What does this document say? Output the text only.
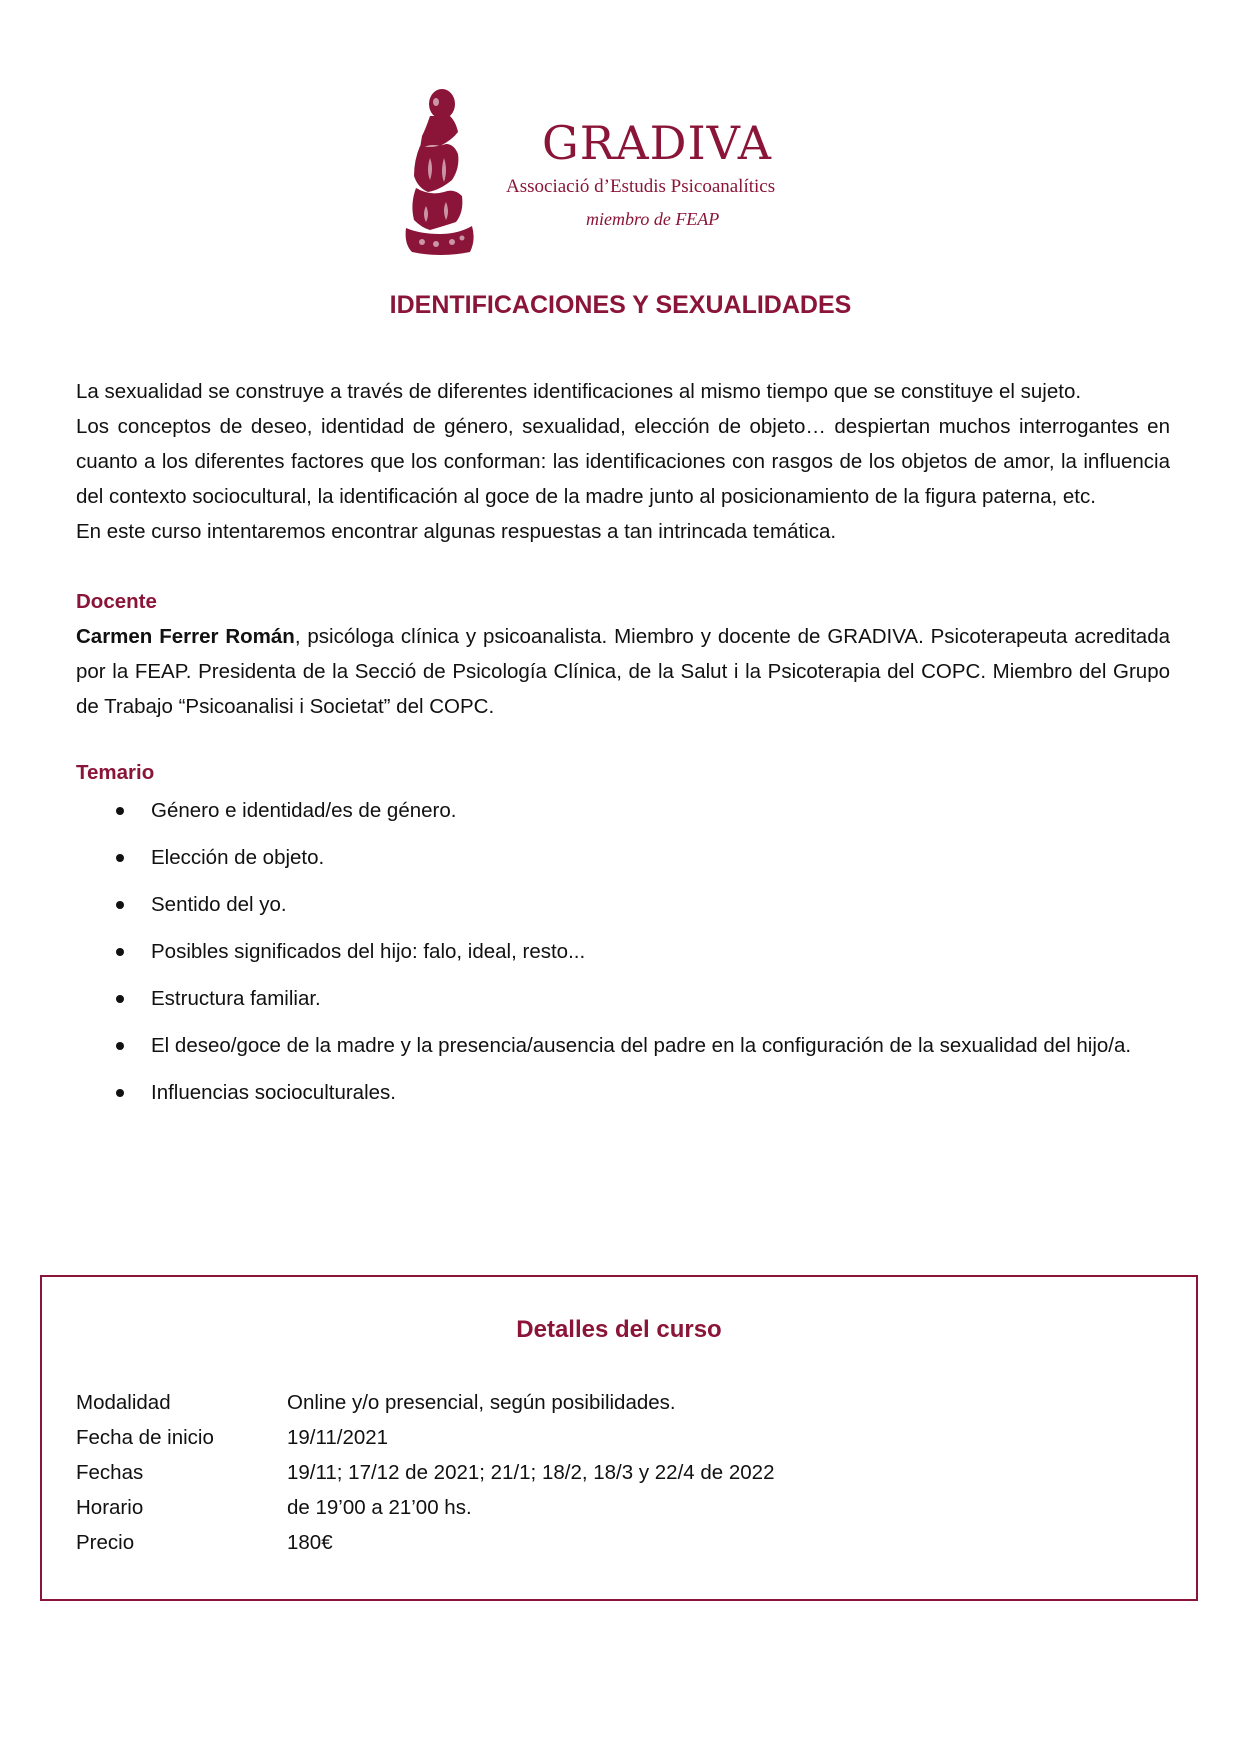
GRADIVA
Associació d’Estudis Psicoanalítics
miembro de FEAP
IDENTIFICACIONES Y SEXUALIDADES

La sexualidad se construye a través de diferentes identificaciones al mismo tiempo que se constituye el sujeto.

Los conceptos de deseo, identidad de género, sexualidad, elección de objeto… despiertan muchos interrogantes en cuanto a los diferentes factores que los conforman: las identificaciones con rasgos de los objetos de amor, la influencia del contexto sociocultural, la identificación al goce de la madre junto al posicionamiento de la figura paterna, etc.

En este curso intentaremos encontrar algunas respuestas a tan intrincada temática.

Docente

Carmen Ferrer Román, psicóloga clínica y psicoanalista. Miembro y docente de GRADIVA. Psicoterapeuta acreditada por la FEAP. Presidenta de la Secció de Psicología Clínica, de la Salut i la Psicoterapia del COPC. Miembro del Grupo de Trabajo “Psicoanalisi i Societat” del COPC.

Temario

Género e identidad/es de género.
Elección de objeto.
Sentido del yo.
Posibles significados del hijo: falo, ideal, resto...
Estructura familiar.
El deseo/goce de la madre y la presencia/ausencia del padre en la configuración de la sexualidad del hijo/a.
Influencias socioculturales.
Detalles del curso
Modalidad	Online y/o presencial, según posibilidades.
Fecha de inicio	19/11/2021
Fechas	19/11; 17/12 de 2021; 21/1; 18/2, 18/3 y 22/4 de 2022
Horario	de 19’00 a 21’00 hs.
Precio	180€
